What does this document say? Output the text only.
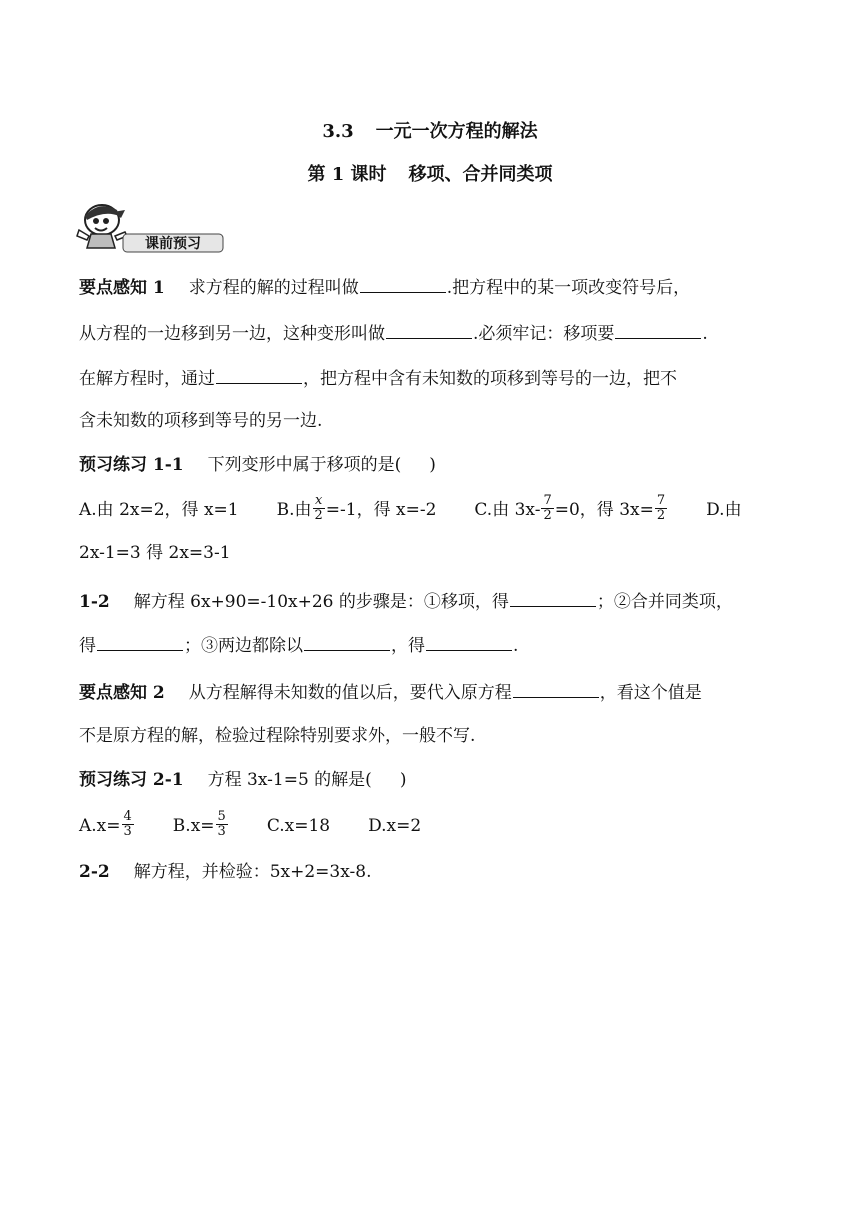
3.3 一元一次方程的解法
第 1 课时 移项、合并同类项
课前预习
要点感知 1 求方程的解的过程叫做	.把方程中的某一项改变符号后，
从方程的一边移到另一边，这种变形叫做	.必须牢记：移项要	.
在解方程时，通过	，把方程中含有未知数的项移到等号的一边，把不
含未知数的项移到等号的另一边.
预习练习 1-1 下列变形中属于移项的是( )
A.由 2x=2，得 x=1 B.由 $\frac{x}{2} =-1$，得 x=-2 C.由 $3x- \frac{7}{2} =0$，得 $3x= \frac{7}{2} D$.由
2x-1=3 得 2x=3-1
1-2 解方程 6x+90=-10x+26 的步骤是：①移项，得	；②合并同类项，
得	；③两边都除以	，得	.
要点感知 2 从方程解得未知数的值以后，要代入原方程	，看这个值是
不是原方程的解，检验过程除特别要求外，一般不写.
预习练习 2-1 方程 3x-1=5 的解是( )
$A.x= \frac{4}{3} B.x= \frac{5}{3} C.x=18$ D.x=2
2-2 解方程，并检验：5x+2=3x-8.
